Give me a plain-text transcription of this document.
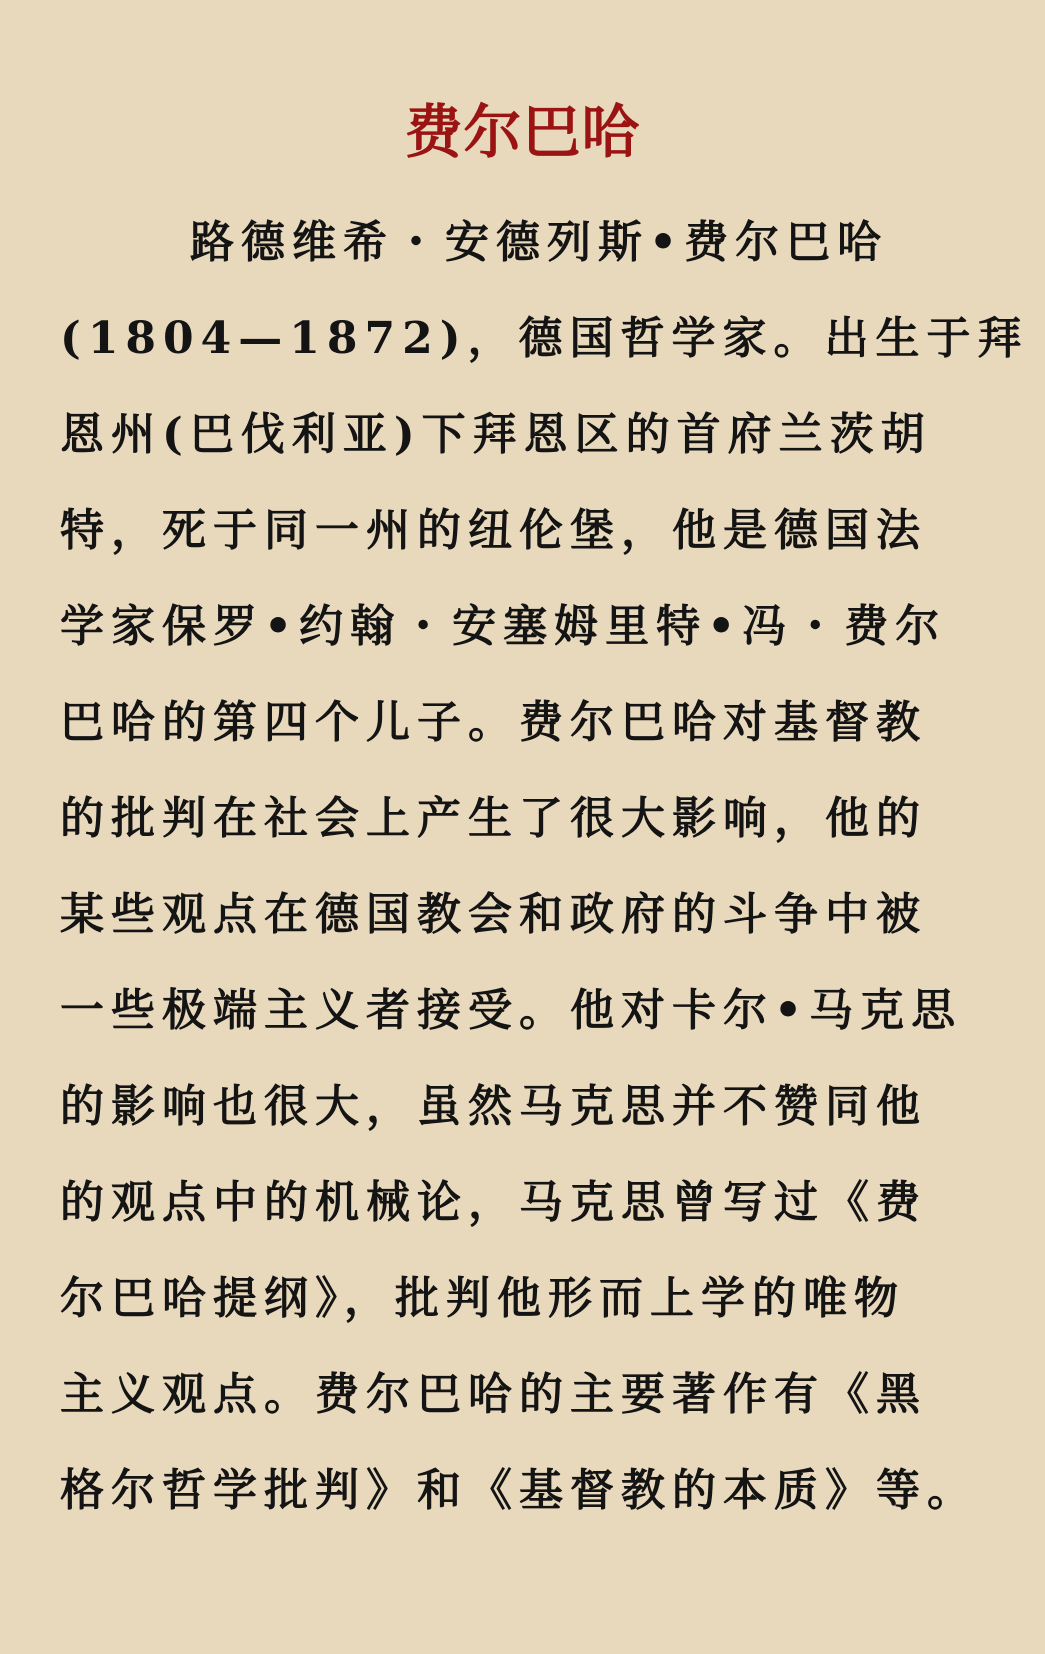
费尔巴哈
路德维希・安德列斯•费尔巴哈
(1804—1872)，德国哲学家。出生于拜
恩州(巴伐利亚)下拜恩区的首府兰茨胡
特，死于同一州的纽伦堡，他是德国法
学家保罗•约翰・安塞姆里特•冯・费尔
巴哈的第四个儿子。费尔巴哈对基督教
的批判在社会上产生了很大影响，他的
某些观点在德国教会和政府的斗争中被
一些极端主义者接受。他对卡尔•马克思
的影响也很大，虽然马克思并不赞同他
的观点中的机械论，马克思曾写过《费
尔巴哈提纲》，批判他形而上学的唯物
主义观点。费尔巴哈的主要著作有《黑
格尔哲学批判》和《基督教的本质》等。
